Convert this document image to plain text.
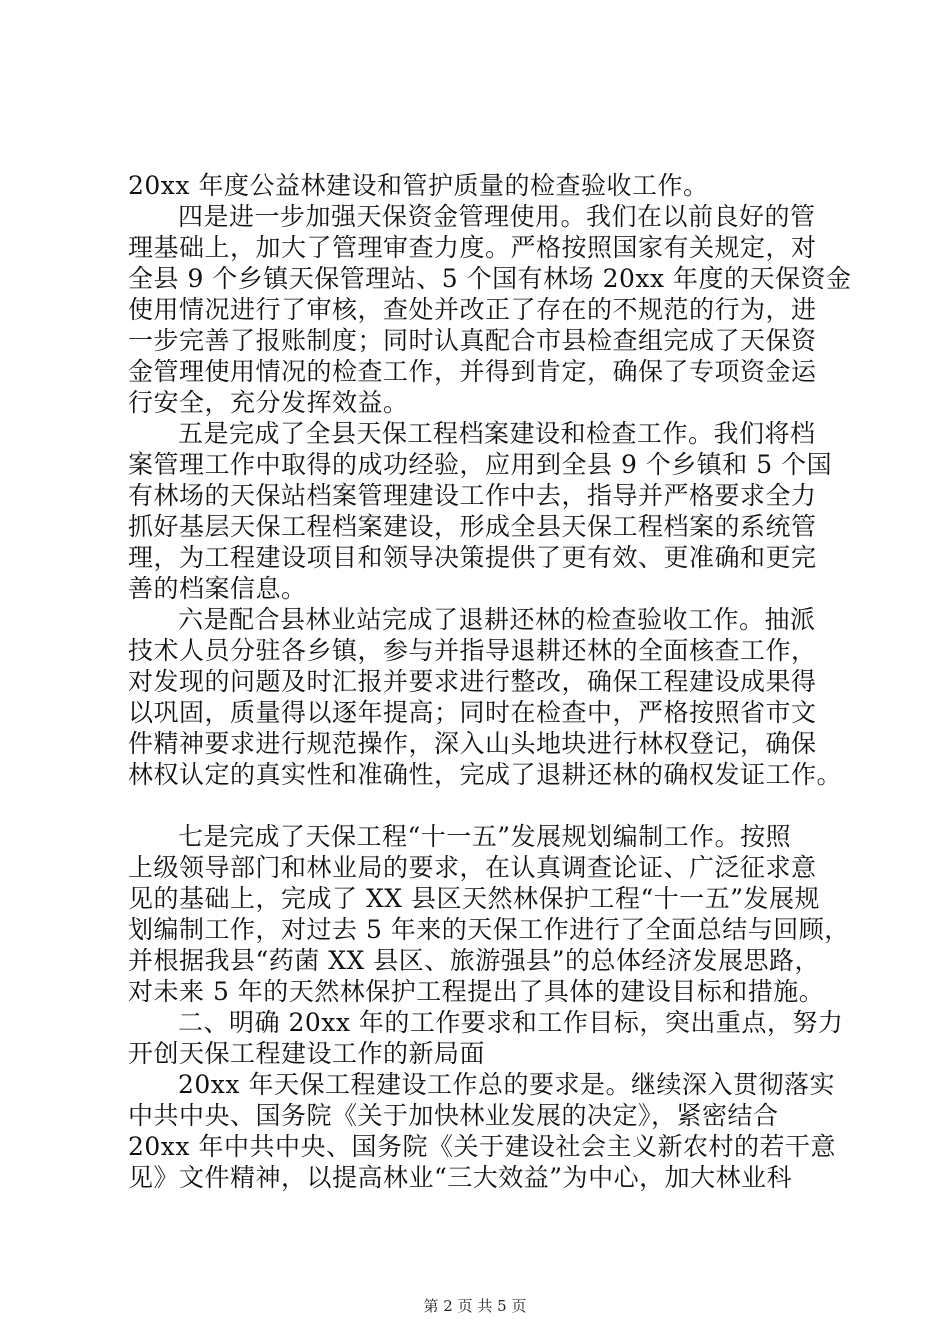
20xx 年度公益林建设和管护质量的检查验收工作。
四是进一步加强天保资金管理使用。我们在以前良好的管
理基础上，加大了管理审查力度。严格按照国家有关规定，对
全县 9 个乡镇天保管理站、5 个国有林场 20xx 年度的天保资金
使用情况进行了审核，查处并改正了存在的不规范的行为，进
一步完善了报账制度；同时认真配合市县检查组完成了天保资
金管理使用情况的检查工作，并得到肯定，确保了专项资金运
行安全，充分发挥效益。
五是完成了全县天保工程档案建设和检查工作。我们将档
案管理工作中取得的成功经验，应用到全县 9 个乡镇和 5 个国
有林场的天保站档案管理建设工作中去，指导并严格要求全力
抓好基层天保工程档案建设，形成全县天保工程档案的系统管
理，为工程建设项目和领导决策提供了更有效、更准确和更完
善的档案信息。
六是配合县林业站完成了退耕还林的检查验收工作。抽派
技术人员分驻各乡镇，参与并指导退耕还林的全面核查工作，
对发现的问题及时汇报并要求进行整改，确保工程建设成果得
以巩固，质量得以逐年提高；同时在检查中，严格按照省市文
件精神要求进行规范操作，深入山头地块进行林权登记，确保
林权认定的真实性和准确性，完成了退耕还林的确权发证工作。
七是完成了天保工程“十一五”发展规划编制工作。按照
上级领导部门和林业局的要求，在认真调查论证、广泛征求意
见的基础上，完成了 XX 县区天然林保护工程“十一五”发展规
划编制工作，对过去 5 年来的天保工作进行了全面总结与回顾，
并根据我县“药菌 XX 县区、旅游强县”的总体经济发展思路，
对未来 5 年的天然林保护工程提出了具体的建设目标和措施。
二、明确 20xx 年的工作要求和工作目标，突出重点，努力
开创天保工程建设工作的新局面
20xx 年天保工程建设工作总的要求是。继续深入贯彻落实
中共中央、国务院《关于加快林业发展的决定》，紧密结合
20xx 年中共中央、国务院《关于建设社会主义新农村的若干意
见》文件精神，以提高林业“三大效益”为中心，加大林业科
第 2 页 共 5 页
